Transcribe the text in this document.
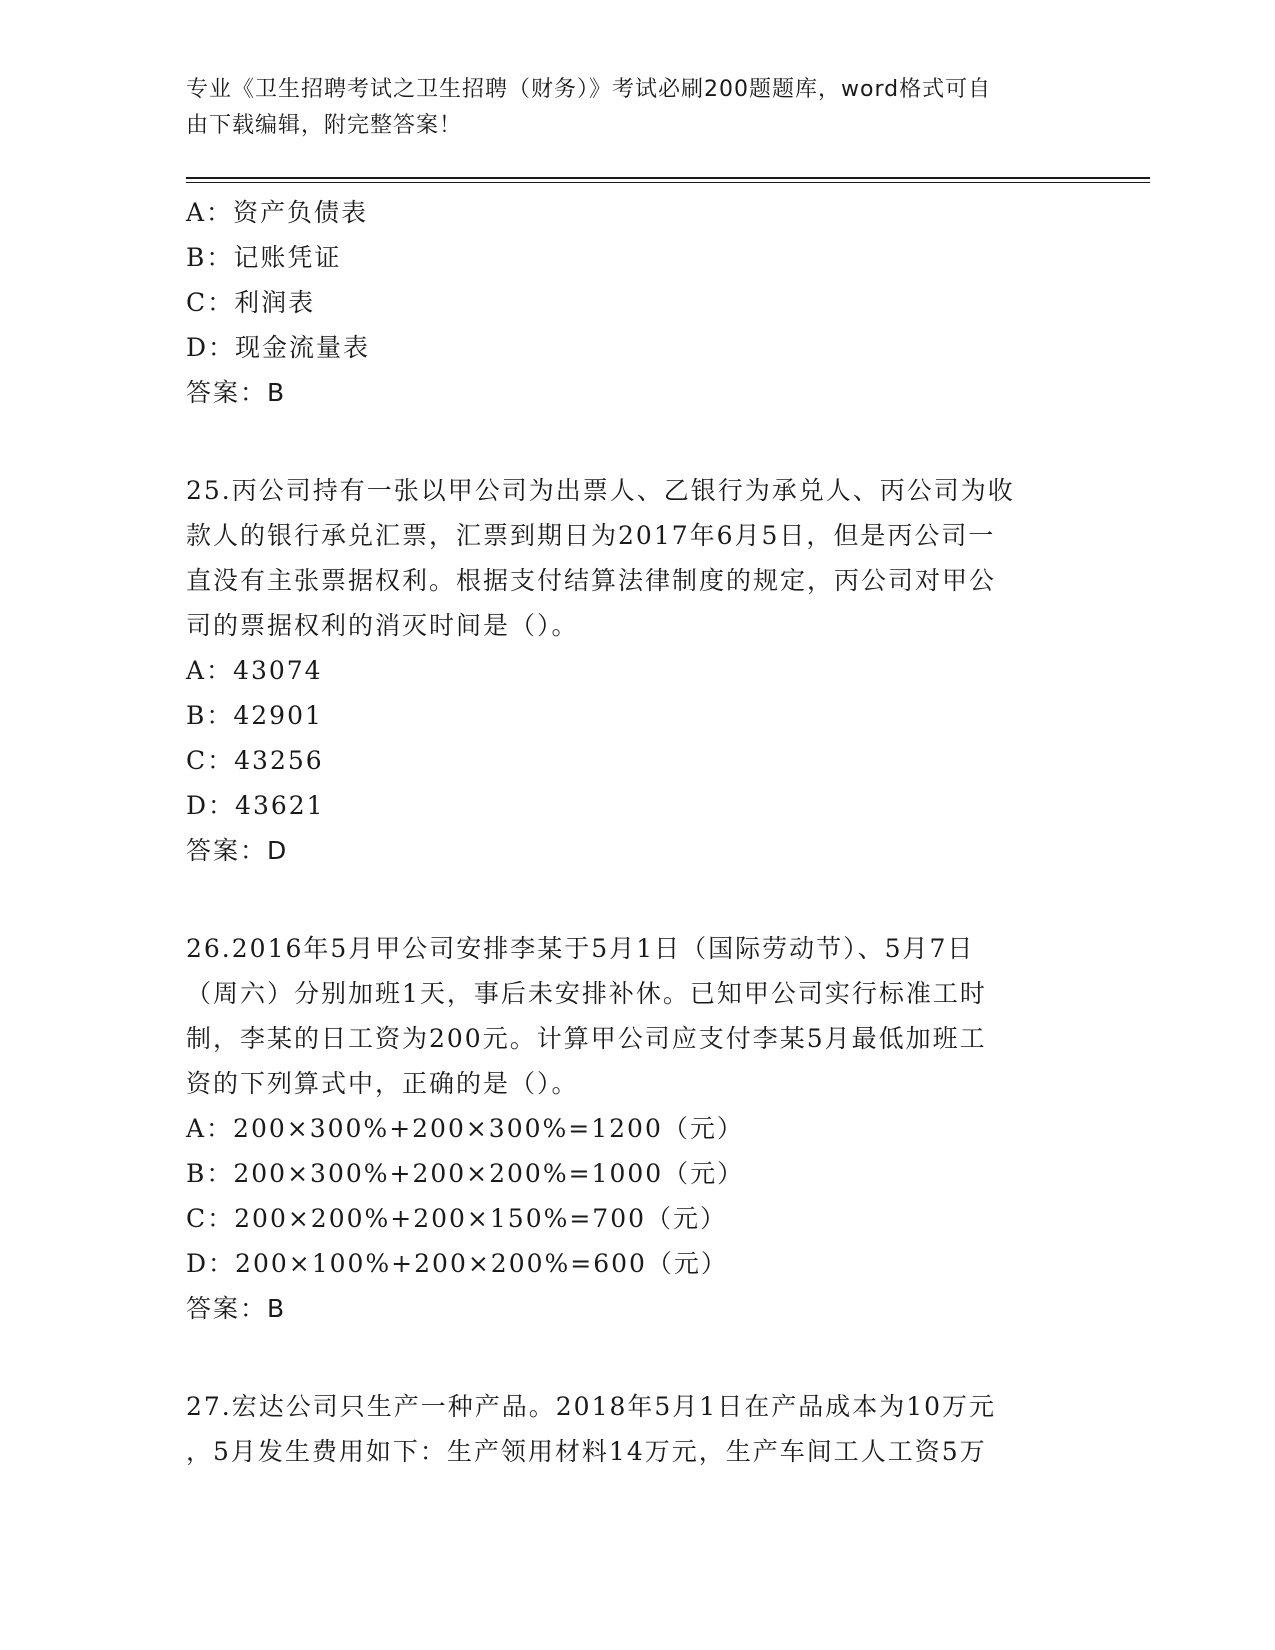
专业《卫生招聘考试之卫生招聘（财务）》考试必刷200题题库，word格式可自
由下载编辑，附完整答案！
A：资产负债表
B：记账凭证
C：利润表
D：现金流量表
答案：B
25.丙公司持有一张以甲公司为出票人、乙银行为承兑人、丙公司为收
款人的银行承兑汇票，汇票到期日为2017年6月5日，但是丙公司一
直没有主张票据权利。根据支付结算法律制度的规定，丙公司对甲公
司的票据权利的消灭时间是（）。
A：43074
B：42901
C：43256
D：43621
答案：D
26.2016年5月甲公司安排李某于5月1日（国际劳动节）、5月7日
（周六）分别加班1天，事后未安排补休。已知甲公司实行标准工时
制，李某的日工资为200元。计算甲公司应支付李某5月最低加班工
资的下列算式中，正确的是（）。
A：200×300%+200×300%=1200（元）
B：200×300%+200×200%=1000（元）
C：200×200%+200×150%=700（元）
D：200×100%+200×200%=600（元）
答案：B
27.宏达公司只生产一种产品。2018年5月1日在产品成本为10万元
，5月发生费用如下：生产领用材料14万元，生产车间工人工资5万
